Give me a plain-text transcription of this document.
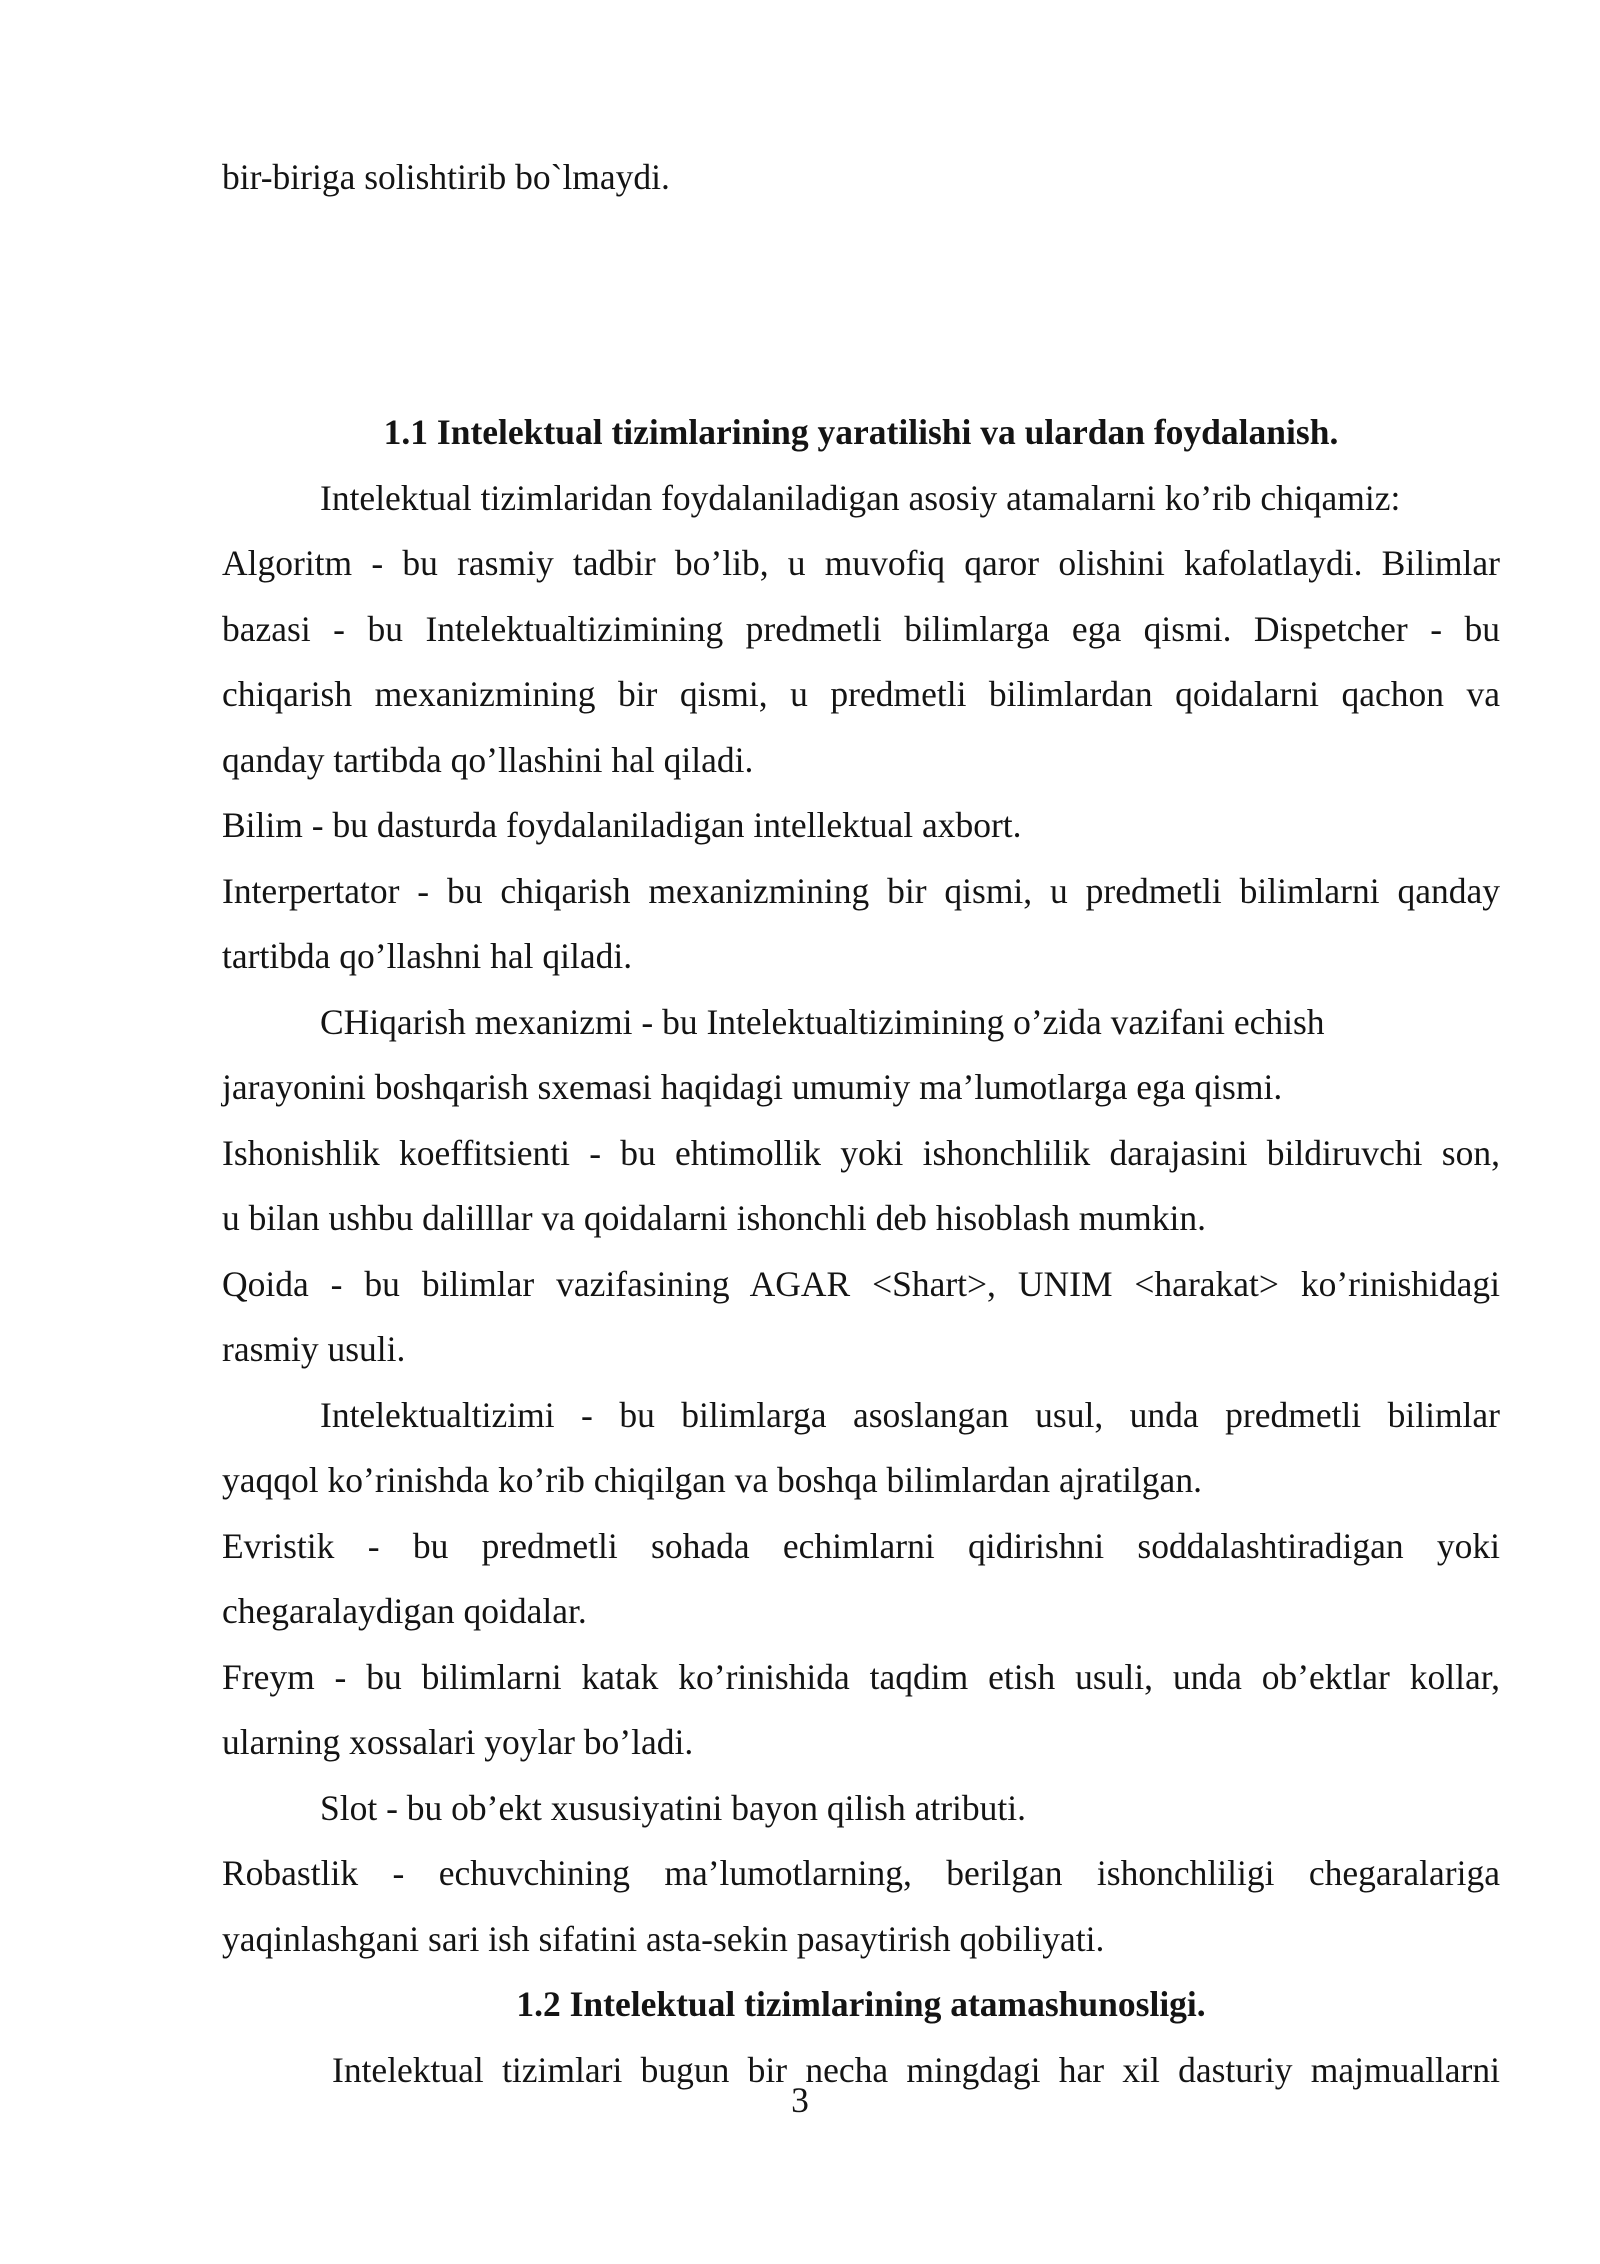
bir-biriga solishtirib bo`lmaydi.
1.1 Intelektual tizimlarining yaratilishi va ulardan foydalanish.
Intelektual tizimlaridan foydalaniladigan asosiy atamalarni ko’rib chiqamiz:
Algoritm - bu rasmiy tadbir bo’lib, u muvofiq qaror olishini kafolatlaydi. Bilimlar
bazasi - bu Intelektualtizimining predmetli bilimlarga ega qismi. Dispetcher - bu
chiqarish mexanizmining bir qismi, u predmetli bilimlardan qoidalarni qachon va
qanday tartibda qo’llashini hal qiladi.
Bilim - bu dasturda foydalaniladigan intellektual axbort.
Interpertator - bu chiqarish mexanizmining bir qismi, u predmetli bilimlarni qanday
tartibda qo’llashni hal qiladi.
CHiqarish mexanizmi - bu Intelektualtizimining o’zida vazifani echish
jarayonini boshqarish sxemasi haqidagi umumiy ma’lumotlarga ega qismi.
Ishonishlik koeffitsienti - bu ehtimollik yoki ishonchlilik darajasini bildiruvchi son,
u bilan ushbu dalilllar va qoidalarni ishonchli deb hisoblash mumkin.
Qoida - bu bilimlar vazifasining AGAR <Shart>, UNIM <harakat> ko’rinishidagi
rasmiy usuli.
Intelektualtizimi - bu bilimlarga asoslangan usul, unda predmetli bilimlar
yaqqol ko’rinishda ko’rib chiqilgan va boshqa bilimlardan ajratilgan.
Evristik - bu predmetli sohada echimlarni qidirishni soddalashtiradigan yoki
chegaralaydigan qoidalar.
Freym - bu bilimlarni katak ko’rinishida taqdim etish usuli, unda ob’ektlar kollar,
ularning xossalari yoylar bo’ladi.
Slot - bu ob’ekt xususiyatini bayon qilish atributi.
Robastlik - echuvchining ma’lumotlarning, berilgan ishonchliligi chegaralariga
yaqinlashgani sari ish sifatini asta-sekin pasaytirish qobiliyati.
1.2 Intelektual tizimlarining atamashunosligi.
Intelektual tizimlari bugun bir necha mingdagi har xil dasturiy majmuallarni
3
